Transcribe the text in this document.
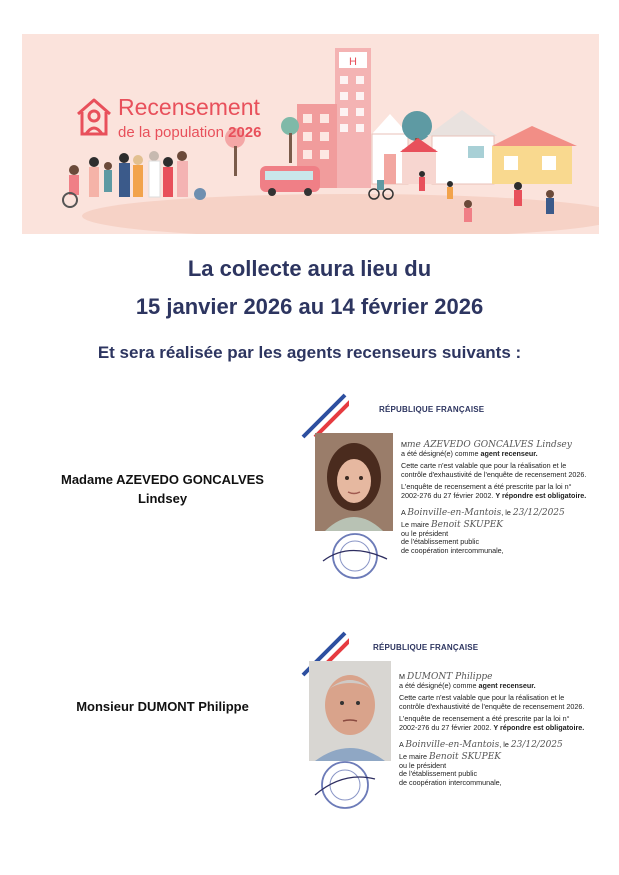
H
Recensement
de la population 2026
La collecte aura lieu du
15 janvier 2026 au 14 février 2026
Et sera réalisée par les agents recenseurs suivants :
Madame AZEVEDO GONCALVES
Lindsey
RÉPUBLIQUE FRANÇAISE

Mme AZEVEDO GONCALVES Lindsey
a été désigné(e) comme agent recenseur.

Cette carte n'est valable que pour la réalisation et le contrôle d'exhaustivité de l'enquête de recensement 2026.

L'enquête de recensement a été prescrite par la loi n° 2002-276 du 27 février 2002. Y répondre est obligatoire.

A Boinville-en-Mantois, le 23/12/2025

Le maire Benoit SKUPEK
ou le président
de l'établissement public
de coopération intercommunale,

Monsieur DUMONT Philippe
RÉPUBLIQUE FRANÇAISE

M DUMONT Philippe
a été désigné(e) comme agent recenseur.

Cette carte n'est valable que pour la réalisation et le contrôle d'exhaustivité de l'enquête de recensement 2026.

L'enquête de recensement a été prescrite par la loi n° 2002-276 du 27 février 2002. Y répondre est obligatoire.

A Boinville-en-Mantois, le 23/12/2025

Le maire Benoit SKUPEK
ou le président
de l'établissement public
de coopération intercommunale,
